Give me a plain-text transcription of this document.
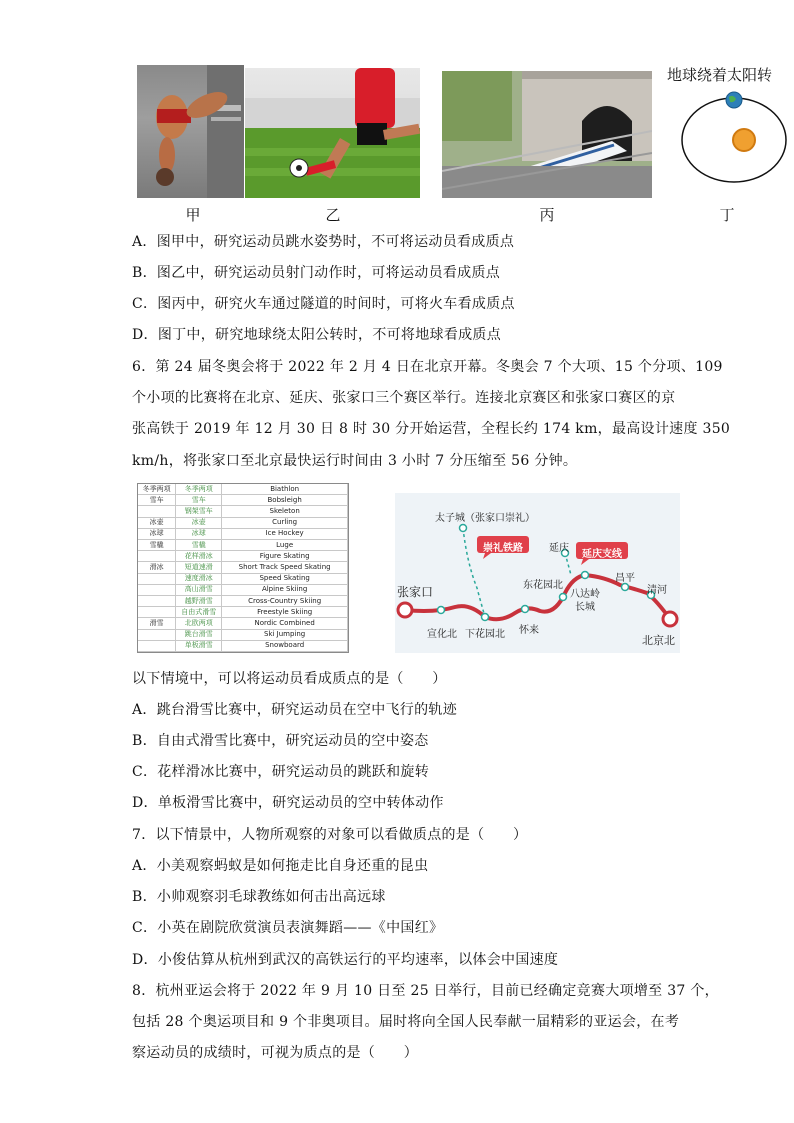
地球绕着太阳转
甲	乙	丙	丁
A．图甲中，研究运动员跳水姿势时，不可将运动员看成质点
B．图乙中，研究运动员射门动作时，可将运动员看成质点
C．图丙中，研究火车通过隧道的时间时，可将火车看成质点
D．图丁中，研究地球绕太阳公转时，不可将地球看成质点
6．第 24 届冬奥会将于 2022 年 2 月 4 日在北京开幕。冬奥会 7 个大项、15 个分项、109
个小项的比赛将在北京、延庆、张家口三个赛区举行。连接北京赛区和张家口赛区的京
张高铁于 2019 年 12 月 30 日 8 时 30 分开始运营，全程长约 174 km，最高设计速度 350
km/h，将张家口至北京最快运行时间由 3 小时 7 分压缩至 56 分钟。
冬季两项	冬季两项	Biathlon
雪车	雪车	Bobsleigh
	钢架雪车	Skeleton
冰壶	冰壶	Curling
冰球	冰球	Ice Hockey
雪橇	雪橇	Luge
	花样滑冰	Figure Skating
滑冰	短道速滑	Short Track Speed Skating
	速度滑冰	Speed Skating
	高山滑雪	Alpine Skiing
	越野滑雪	Cross-Country Skiing
	自由式滑雪	Freestyle Skiing
滑雪	北欧两项	Nordic Combined
	跳台滑雪	Ski Jumping
	单板滑雪	Snowboard
崇礼铁路
延庆支线
太子城（张家口崇礼）
延庆
张家口
宣化北 下花园北 怀来
东花园北
八达岭
长城
昌平
清河
北京北
以下情境中，可以将运动员看成质点的是（　　）
A．跳台滑雪比赛中，研究运动员在空中飞行的轨迹
B．自由式滑雪比赛中，研究运动员的空中姿态
C．花样滑冰比赛中，研究运动员的跳跃和旋转
D．单板滑雪比赛中，研究运动员的空中转体动作
7．以下情景中，人物所观察的对象可以看做质点的是（　　）
A．小美观察蚂蚁是如何拖走比自身还重的昆虫
B．小帅观察羽毛球教练如何击出高远球
C．小英在剧院欣赏演员表演舞蹈——《中国红》
D．小俊估算从杭州到武汉的高铁运行的平均速率，以体会中国速度
8．杭州亚运会将于 2022 年 9 月 10 日至 25 日举行，目前已经确定竞赛大项增至 37 个，
包括 28 个奥运项目和 9 个非奥项目。届时将向全国人民奉献一届精彩的亚运会，在考
察运动员的成绩时，可视为质点的是（　　）
